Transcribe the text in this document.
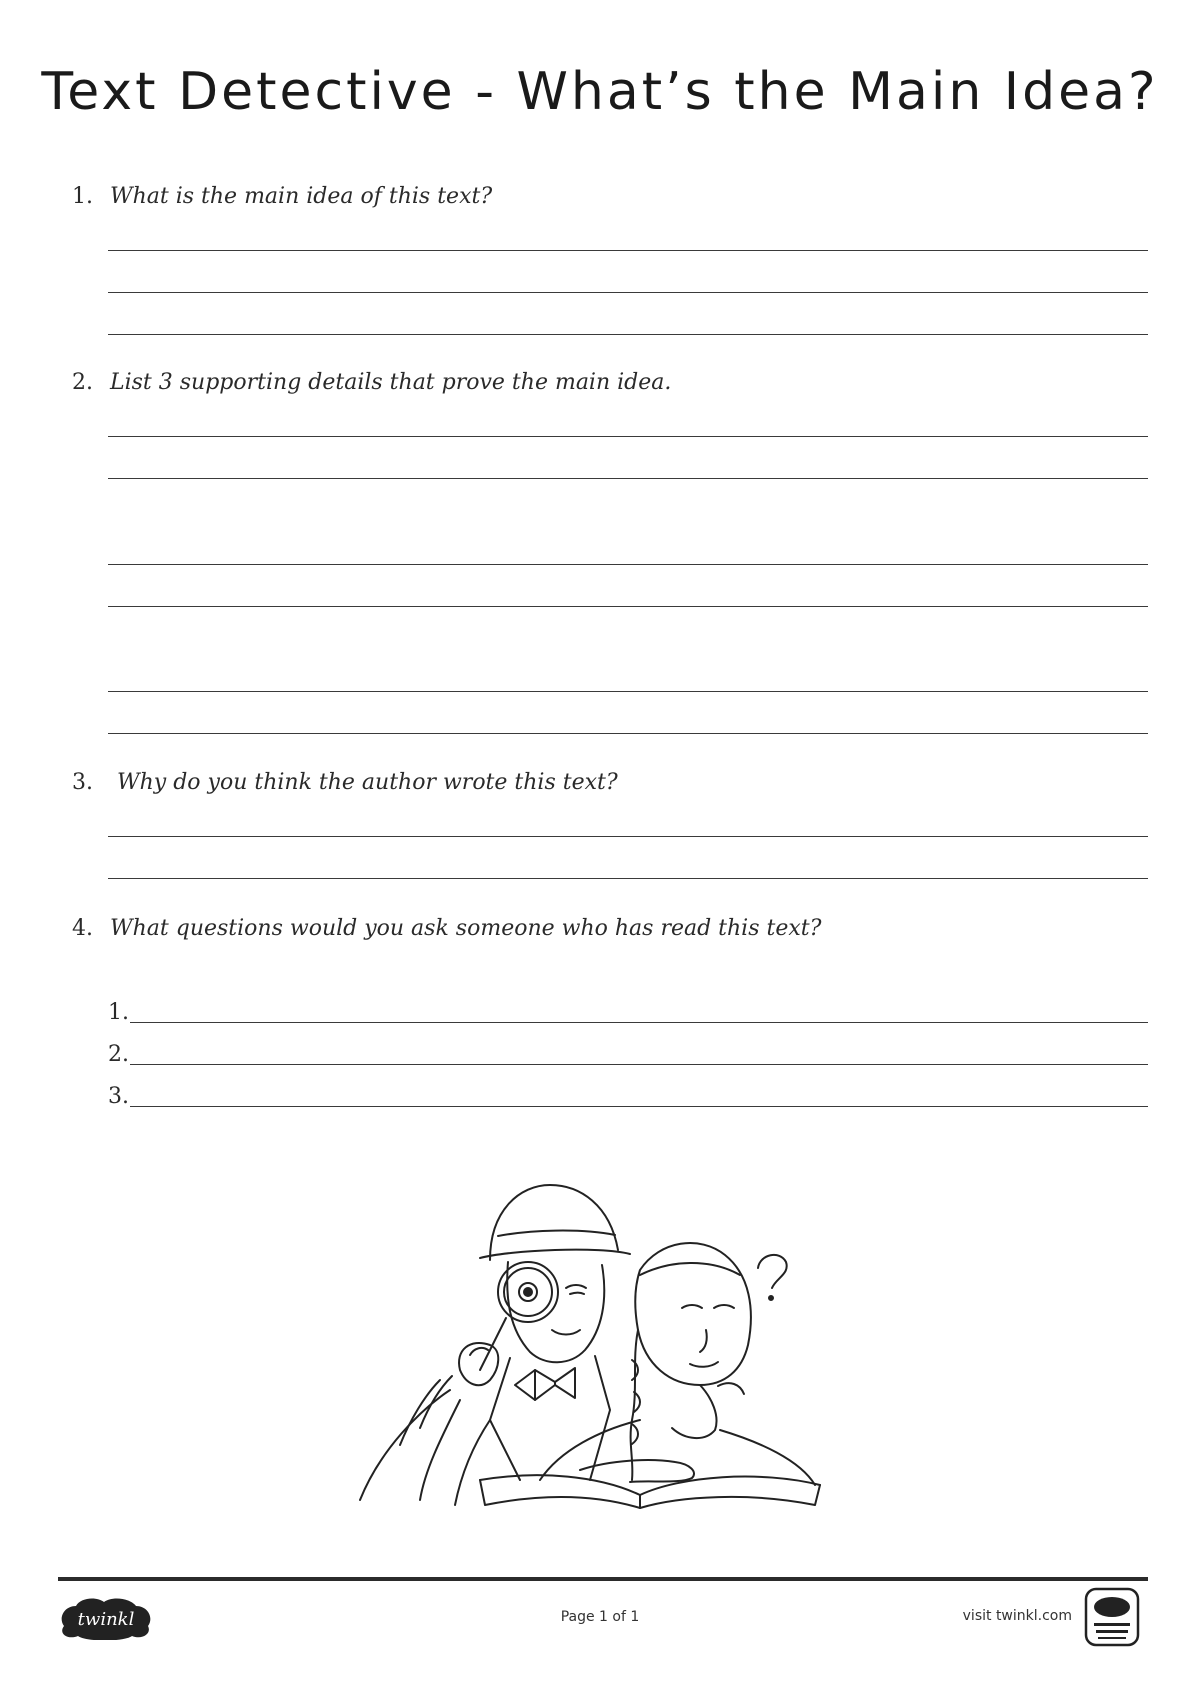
Text Detective - What’s the Main Idea?
1. What is the main idea of this text?
2. List 3 supporting details that prove the main idea.
3. Why do you think the author wrote this text?
4. What questions would you ask someone who has read this text?
1.
2.
3.
twinkl	Page 1 of 1	visit twinkl.com
